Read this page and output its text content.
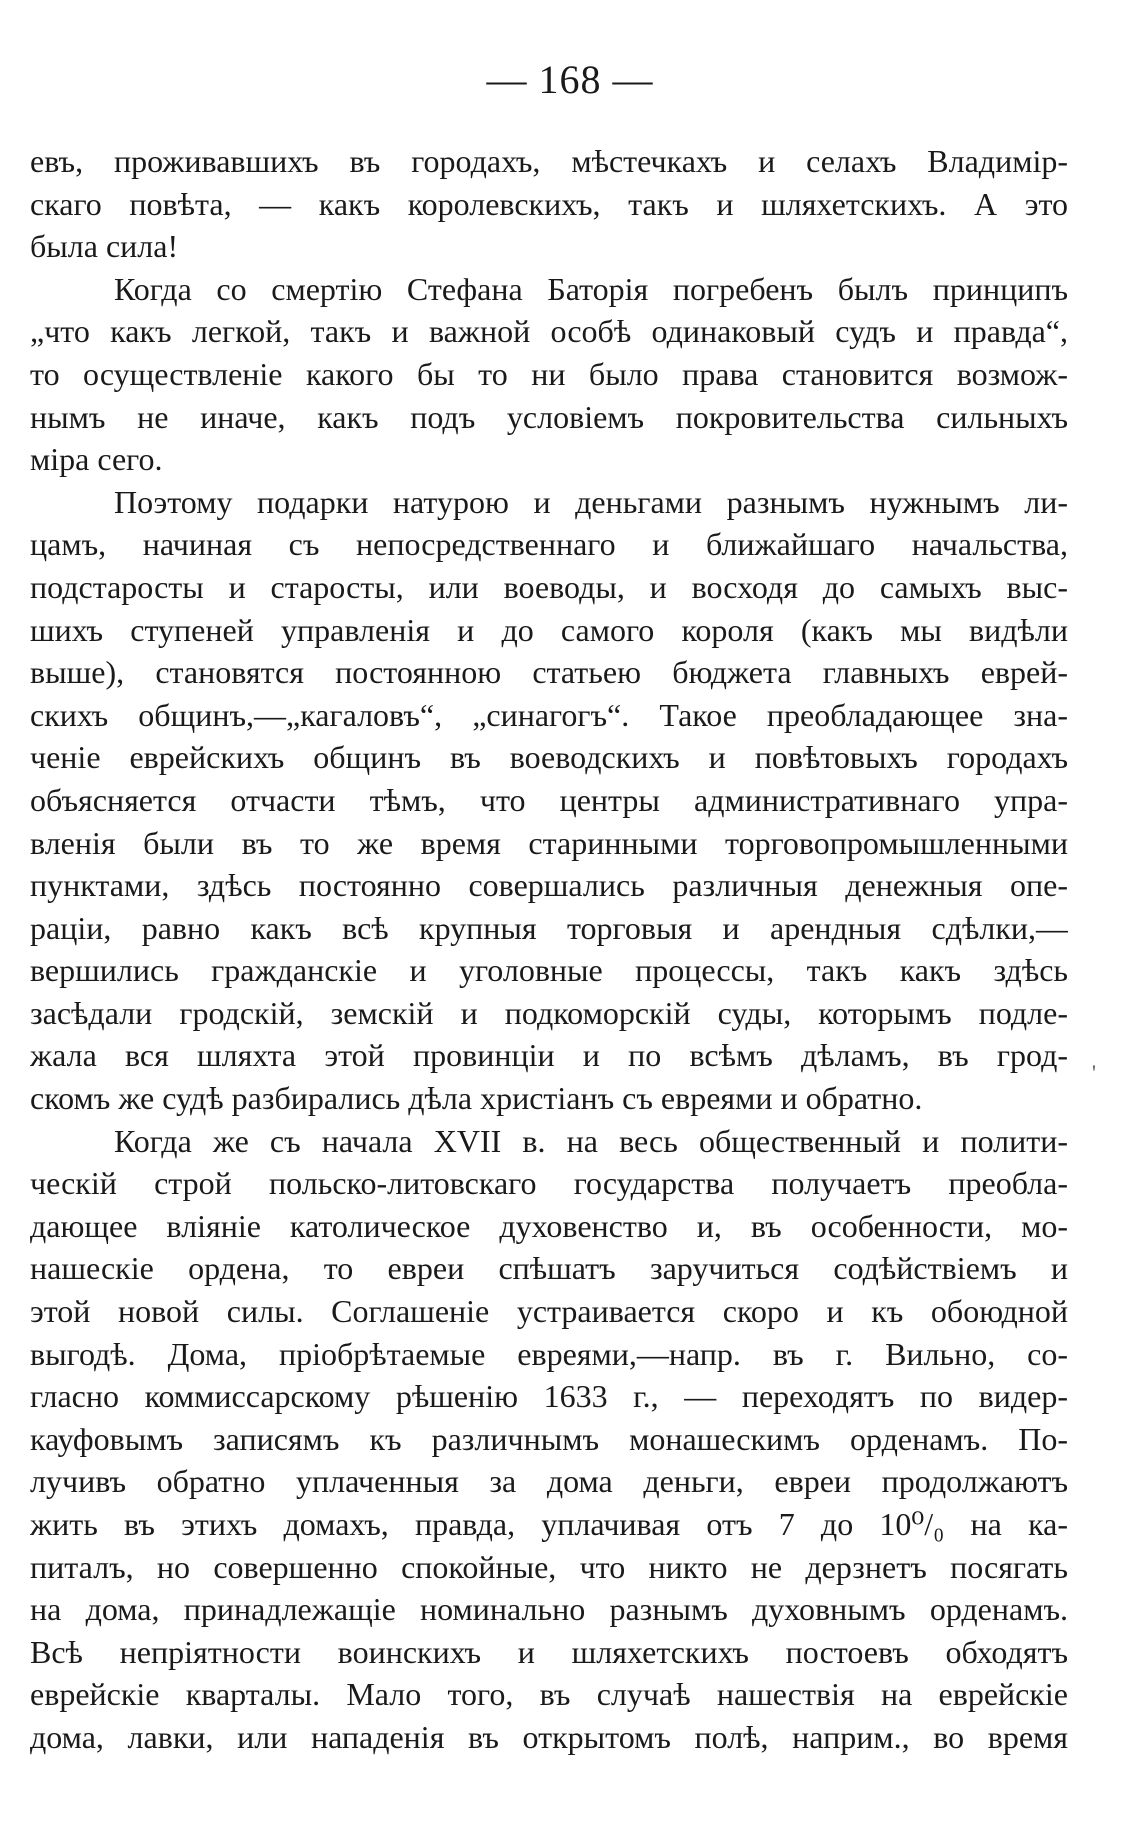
— 168 —
евъ, проживавшихъ въ городахъ, мѣстечкахъ и селахъ Владимір-
скаго повѣта, — какъ королевскихъ, такъ и шляхетскихъ. А это
была сила!
Когда со смертію Стефана Баторія погребенъ былъ принципъ
„что какъ легкой, такъ и важной особѣ одинаковый судъ и правда“,
то осуществленіе какого бы то ни было права становится возмож-
нымъ не иначе, какъ подъ условіемъ покровительства сильныхъ
міра сего.
Поэтому подарки натурою и деньгами разнымъ нужнымъ ли-
цамъ, начиная съ непосредственнаго и ближайшаго начальства,
подстаросты и старосты, или воеводы, и восходя до самыхъ выс-
шихъ ступеней управленія и до самого короля (какъ мы видѣли
выше), становятся постоянною статьею бюджета главныхъ еврей-
скихъ общинъ,—„кагаловъ“, „синагогъ“. Такое преобладающее зна-
ченіе еврейскихъ общинъ въ воеводскихъ и повѣтовыхъ городахъ
объясняется отчасти тѣмъ, что центры административнаго упра-
вленія были въ то же время старинными торговопромышленными
пунктами, здѣсь постоянно совершались различныя денежныя опе-
раціи, равно какъ всѣ крупныя торговыя и арендныя сдѣлки,—
вершились гражданскіе и уголовные процессы, такъ какъ здѣсь
засѣдали гродскій, земскій и подкоморскій суды, которымъ подле-
жала вся шляхта этой провинціи и по всѣмъ дѣламъ, въ грод-
скомъ же судѣ разбирались дѣла христіанъ съ евреями и обратно.
Когда же съ начала XVII в. на весь общественный и полити-
ческій строй польско-литовскаго государства получаетъ преобла-
дающее вліяніе католическое духовенство и, въ особенности, мо-
нашескіе ордена, то евреи спѣшатъ заручиться содѣйствіемъ и
этой новой силы. Соглашеніе устраивается скоро и къ обоюдной
выгодѣ. Дома, пріобрѣтаемые евреями,—напр. въ г. Вильно, со-
гласно коммиссарскому рѣшенію 1633 г., — переходятъ по видер-
кауфовымъ записямъ къ различнымъ монашескимъ орденамъ. По-
лучивъ обратно уплаченныя за дома деньги, евреи продолжаютъ
жить въ этихъ домахъ, правда, уплачивая отъ 7 до 10⁰/₀ на ка-
питалъ, но совершенно спокойные, что никто не дерзнетъ посягать
на дома, принадлежащіе номинально разнымъ духовнымъ орденамъ.
Всѣ непріятности воинскихъ и шляхетскихъ постоевъ обходятъ
еврейскіе кварталы. Мало того, въ случаѣ нашествія на еврейскіе
дома, лавки, или нападенія въ открытомъ полѣ, наприм., во время
'
